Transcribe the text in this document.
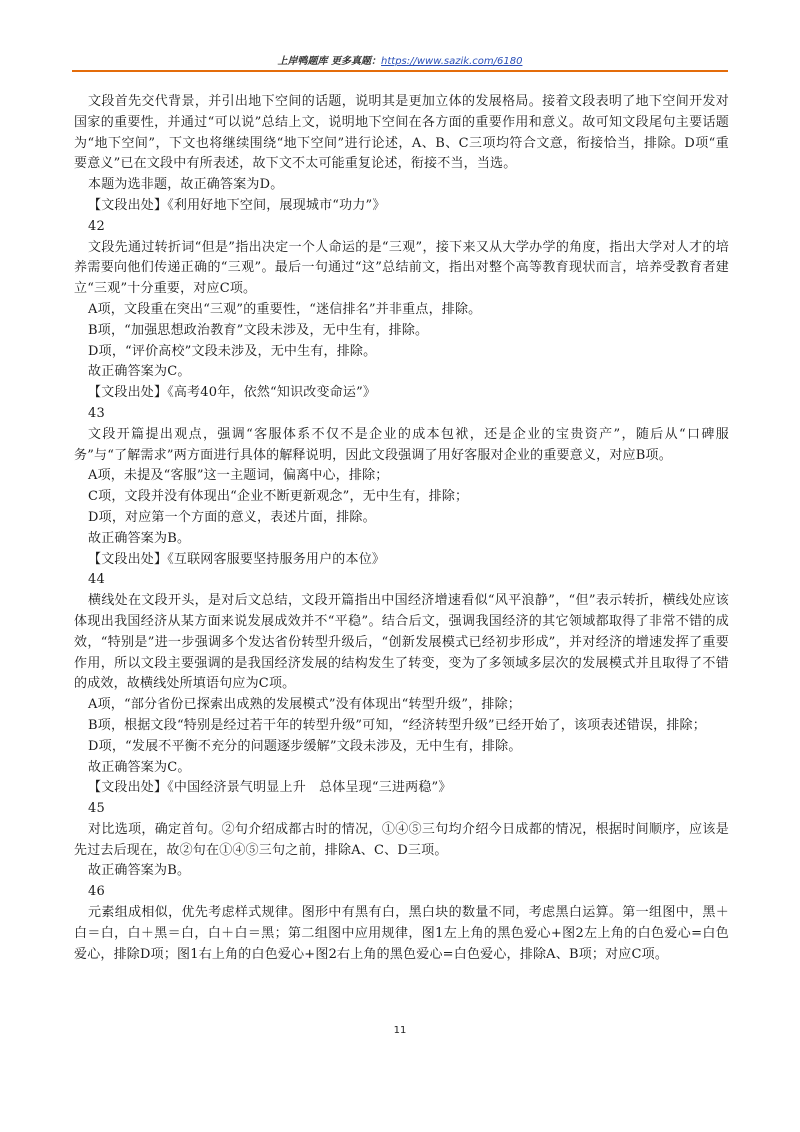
上岸鸭题库 更多真题：https://www.sazik.com/6180

文段首先交代背景，并引出地下空间的话题，说明其是更加立体的发展格局。接着文段表明了地下空间开发对国家的重要性，并通过“可以说”总结上文，说明地下空间在各方面的重要作用和意义。故可知文段尾句主要话题为“地下空间”，下文也将继续围绕“地下空间”进行论述，A、B、C三项均符合文意，衔接恰当，排除。D项“重要意义”已在文段中有所表述，故下文不太可能重复论述，衔接不当，当选。

本题为选非题，故正确答案为D。

【文段出处】《利用好地下空间，展现城市“功力”》

42

文段先通过转折词“但是”指出决定一个人命运的是“三观”，接下来又从大学办学的角度，指出大学对人才的培养需要向他们传递正确的“三观”。最后一句通过“这”总结前文，指出对整个高等教育现状而言，培养受教育者建立“三观”十分重要，对应C项。

A项，文段重在突出“三观”的重要性，“迷信排名”并非重点，排除。

B项，“加强思想政治教育”文段未涉及，无中生有，排除。

D项，“评价高校”文段未涉及，无中生有，排除。

故正确答案为C。

【文段出处】《高考40年，依然“知识改变命运”》

43

文段开篇提出观点，强调“客服体系不仅不是企业的成本包袱，还是企业的宝贵资产”，随后从“口碑服务”与“了解需求”两方面进行具体的解释说明，因此文段强调了用好客服对企业的重要意义，对应B项。

A项，未提及“客服”这一主题词，偏离中心，排除；

C项，文段并没有体现出“企业不断更新观念”，无中生有，排除；

D项，对应第一个方面的意义，表述片面，排除。

故正确答案为B。

【文段出处】《互联网客服要坚持服务用户的本位》

44

横线处在文段开头，是对后文总结，文段开篇指出中国经济增速看似“风平浪静”，“但”表示转折，横线处应该体现出我国经济从某方面来说发展成效并不“平稳”。结合后文，强调我国经济的其它领域都取得了非常不错的成效，“特别是”进一步强调多个发达省份转型升级后，“创新发展模式已经初步形成”，并对经济的增速发挥了重要作用，所以文段主要强调的是我国经济发展的结构发生了转变，变为了多领域多层次的发展模式并且取得了不错的成效，故横线处所填语句应为C项。

A项，“部分省份已探索出成熟的发展模式”没有体现出“转型升级”，排除；

B项，根据文段“特别是经过若干年的转型升级”可知，“经济转型升级”已经开始了，该项表述错误，排除；

D项，“发展不平衡不充分的问题逐步缓解”文段未涉及，无中生有，排除。

故正确答案为C。

【文段出处】《中国经济景气明显上升　总体呈现“三进两稳”》

45

对比选项，确定首句。②句介绍成都古时的情况，①④⑤三句均介绍今日成都的情况，根据时间顺序，应该是先过去后现在，故②句在①④⑤三句之前，排除A、C、D三项。

故正确答案为B。

46

元素组成相似，优先考虑样式规律。图形中有黑有白，黑白块的数量不同，考虑黑白运算。第一组图中，黑＋白＝白，白＋黑＝白，白＋白＝黑；第二组图中应用规律，图1左上角的黑色爱心+图2左上角的白色爱心=白色爱心，排除D项；图1右上角的白色爱心+图2右上角的黑色爱心=白色爱心，排除A、B项；对应C项。

11
